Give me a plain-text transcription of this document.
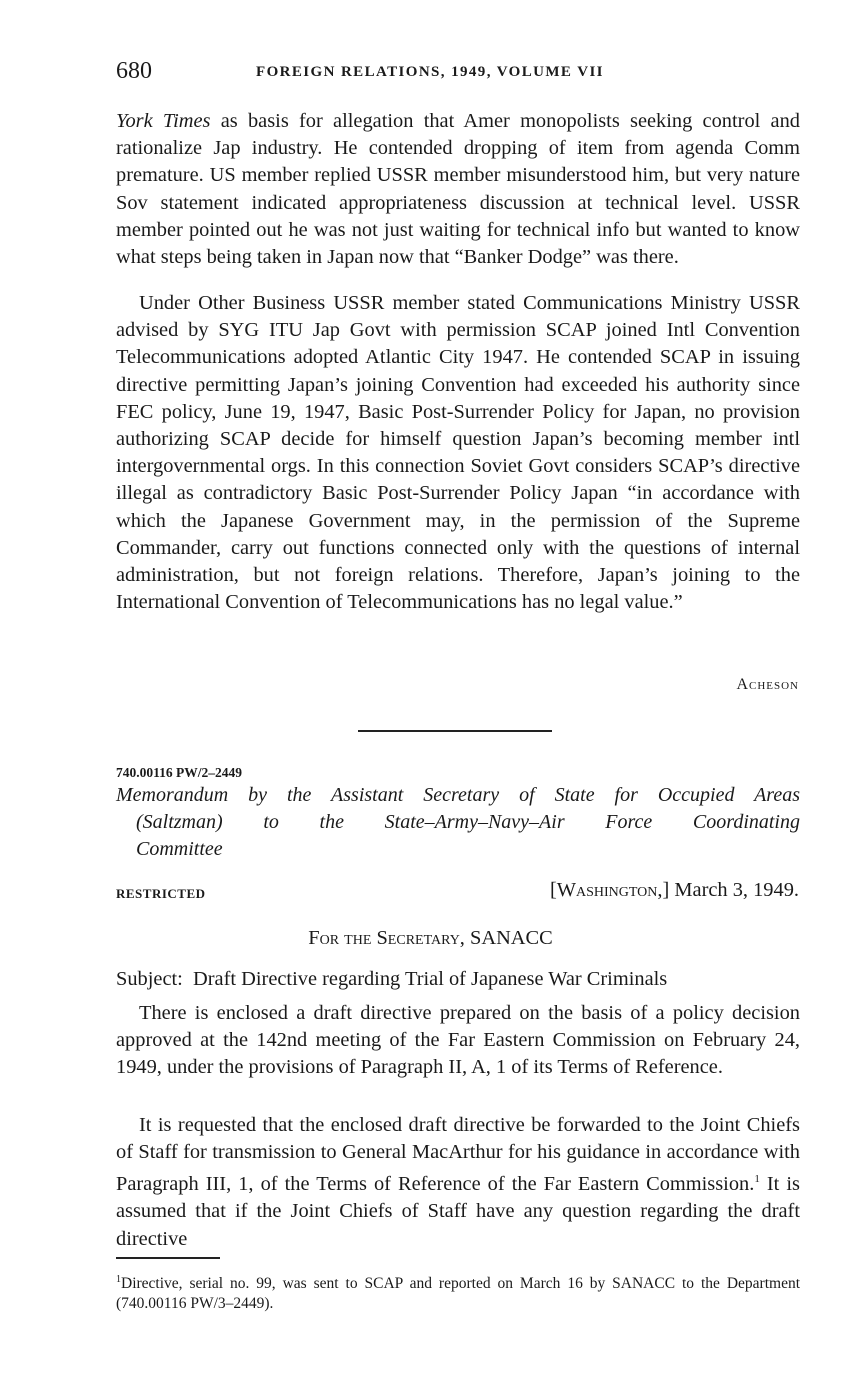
680	FOREIGN RELATIONS, 1949, VOLUME VII

York Times as basis for allegation that Amer monopolists seeking control and rationalize Jap industry. He contended dropping of item from agenda Comm premature. US member replied USSR member misunderstood him, but very nature Sov statement indicated appropriateness discussion at technical level. USSR member pointed out he was not just waiting for technical info but wanted to know what steps being taken in Japan now that “Banker Dodge” was there.

Under Other Business USSR member stated Communications Ministry USSR advised by SYG ITU Jap Govt with permission SCAP joined Intl Convention Telecommunications adopted Atlantic City 1947. He contended SCAP in issuing directive permitting Japan’s joining Convention had exceeded his authority since FEC policy, June 19, 1947, Basic Post-Surrender Policy for Japan, no provision authorizing SCAP decide for himself question Japan’s becoming member intl intergovernmental orgs. In this connection Soviet Govt considers SCAP’s directive illegal as contradictory Basic Post-Surrender Policy Japan “in accordance with which the Japanese Government may, in the permission of the Supreme Commander, carry out functions connected only with the questions of internal administration, but not foreign relations. Therefore, Japan’s joining to the International Convention of Telecommunications has no legal value.”

Acheson
740.00116 PW/2–2449
Memorandum by the Assistant Secretary of State for Occupied Areas
(Saltzman) to the State–Army–Navy–Air Force Coordinating
Committee
RESTRICTED	[Washington,] March 3, 1949.
For the Secretary, SANACC
Subject: Draft Directive regarding Trial of Japanese War Criminals

There is enclosed a draft directive prepared on the basis of a policy decision approved at the 142nd meeting of the Far Eastern Commission on February 24, 1949, under the provisions of Paragraph II, A, 1 of its Terms of Reference.

It is requested that the enclosed draft directive be forwarded to the Joint Chiefs of Staff for transmission to General MacArthur for his guidance in accordance with Paragraph III, 1, of the Terms of Reference of the Far Eastern Commission.$^1$ It is assumed that if the Joint Chiefs of Staff have any question regarding the draft directive

$^1$Directive, serial no. 99, was sent to SCAP and reported on March 16 by SANACC to the Department (740.00116 PW/3–2449).
